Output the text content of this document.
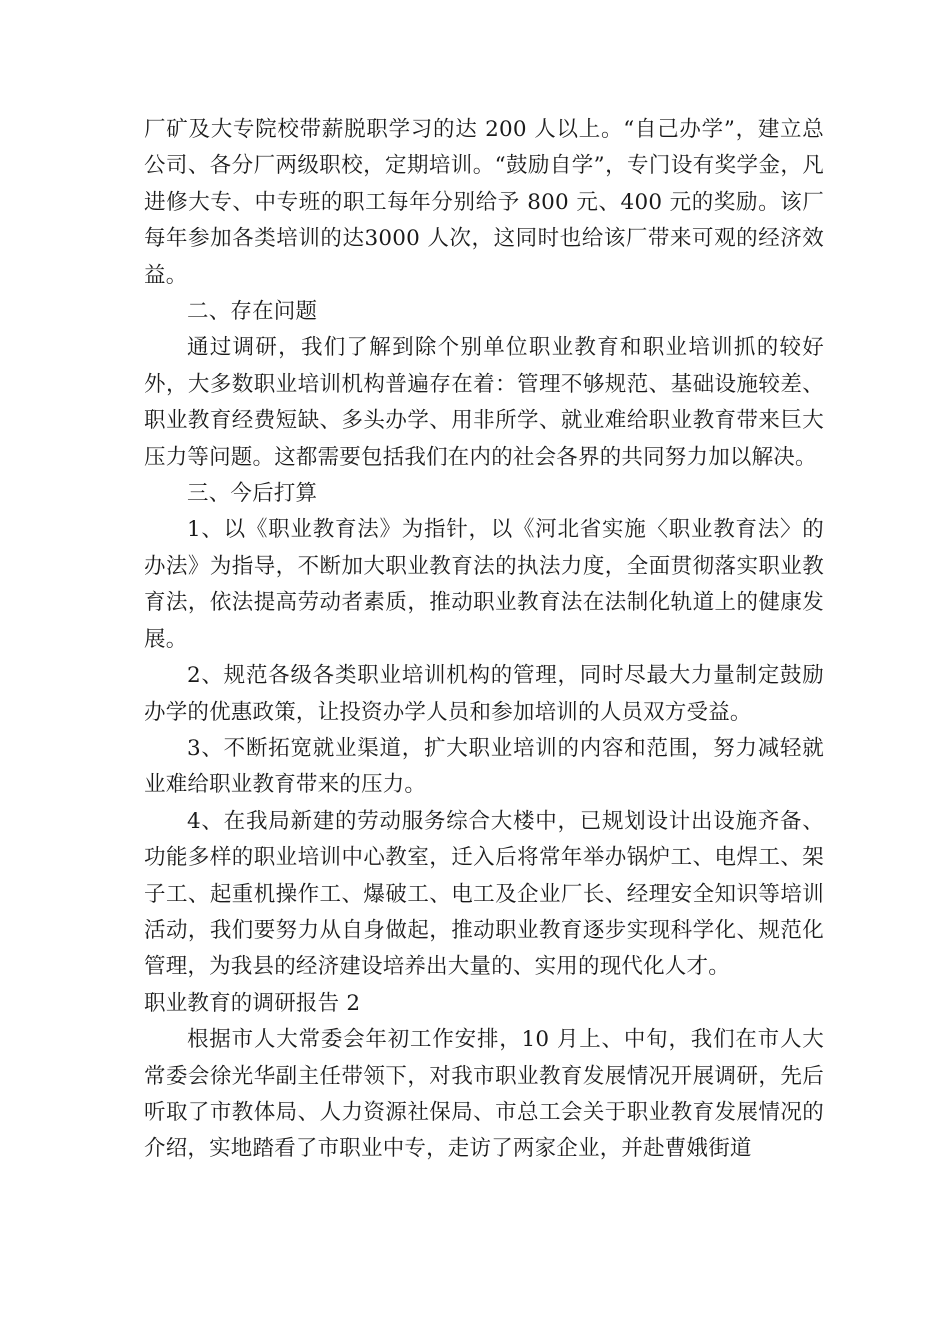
厂矿及大专院校带薪脱职学习的达 200 人以上。“自己办学”，建立总公司、各分厂两级职校，定期培训。“鼓励自学”，专门设有奖学金，凡进修大专、中专班的职工每年分别给予 800 元、400 元的奖励。该厂每年参加各类培训的达3000 人次，这同时也给该厂带来可观的经济效益。

二、存在问题

通过调研，我们了解到除个别单位职业教育和职业培训抓的较好外，大多数职业培训机构普遍存在着：管理不够规范、基础设施较差、职业教育经费短缺、多头办学、用非所学、就业难给职业教育带来巨大压力等问题。这都需要包括我们在内的社会各界的共同努力加以解决。

三、今后打算

1、以《职业教育法》为指针，以《河北省实施〈职业教育法〉的办法》为指导，不断加大职业教育法的执法力度，全面贯彻落实职业教育法，依法提高劳动者素质，推动职业教育法在法制化轨道上的健康发展。

2、规范各级各类职业培训机构的管理，同时尽最大力量制定鼓励办学的优惠政策，让投资办学人员和参加培训的人员双方受益。

3、不断拓宽就业渠道，扩大职业培训的内容和范围，努力减轻就业难给职业教育带来的压力。

4、在我局新建的劳动服务综合大楼中，已规划设计出设施齐备、功能多样的职业培训中心教室，迁入后将常年举办锅炉工、电焊工、架子工、起重机操作工、爆破工、电工及企业厂长、经理安全知识等培训活动，我们要努力从自身做起，推动职业教育逐步实现科学化、规范化管理，为我县的经济建设培养出大量的、实用的现代化人才。

职业教育的调研报告 2

根据市人大常委会年初工作安排，10 月上、中旬，我们在市人大常委会徐光华副主任带领下，对我市职业教育发展情况开展调研，先后听取了市教体局、人力资源社保局、市总工会关于职业教育发展情况的介绍，实地踏看了市职业中专，走访了两家企业，并赴曹娥街道
